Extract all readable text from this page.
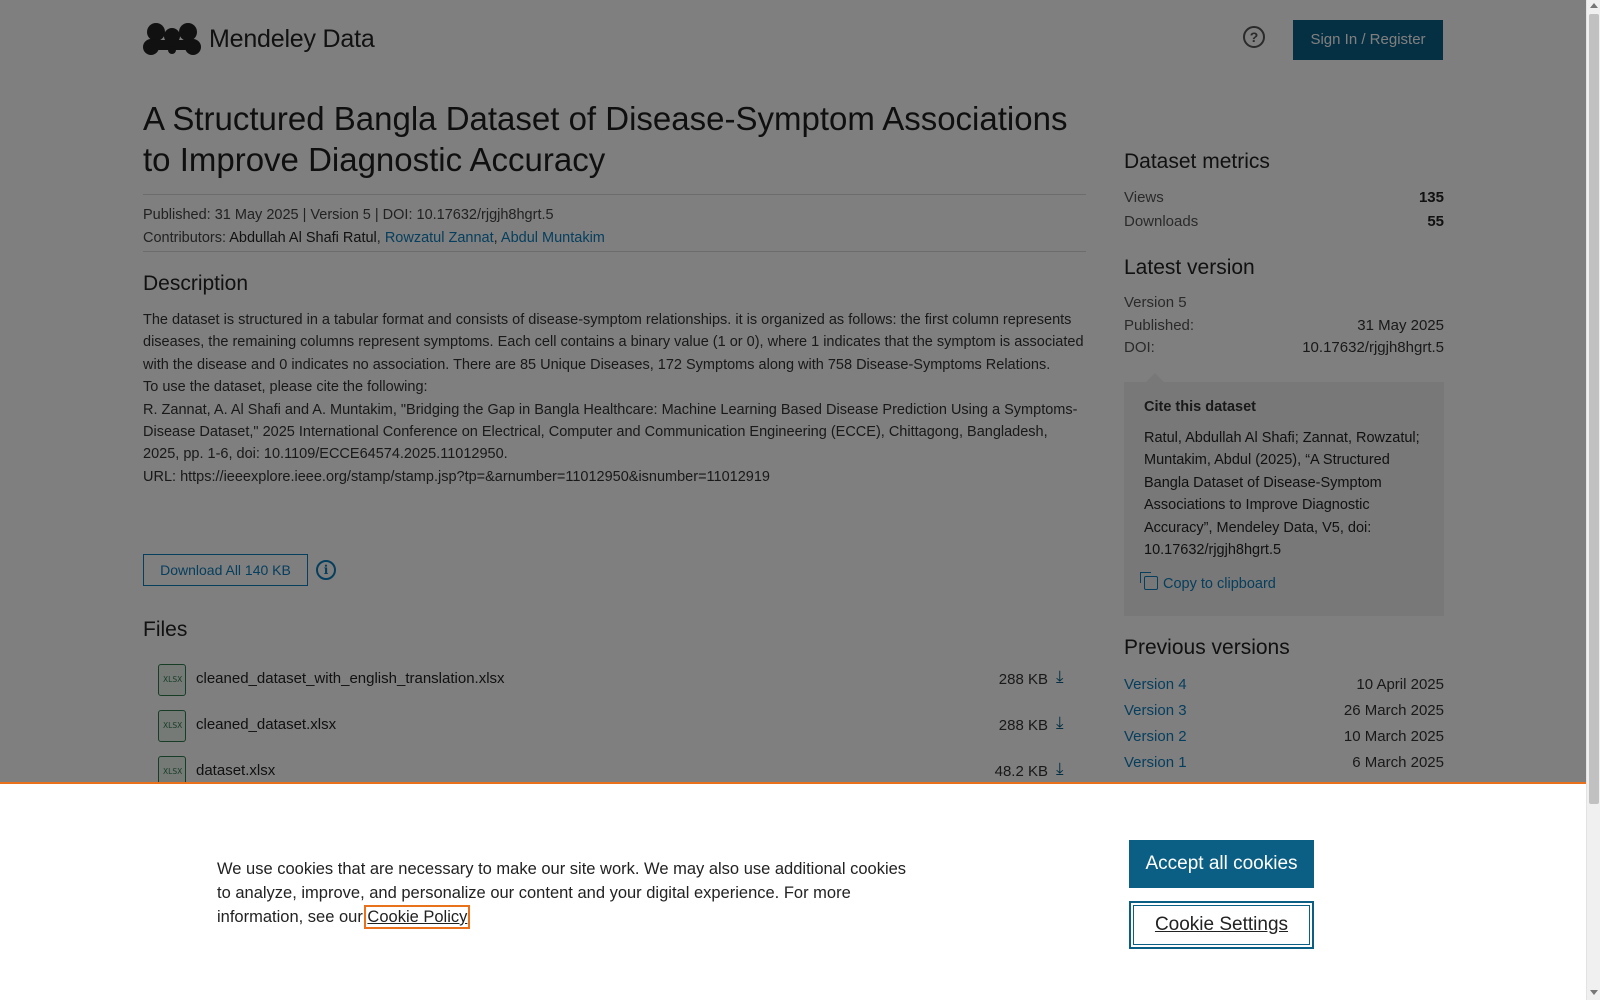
We use cookies that are necessary to make our site work. We may also use additional cookies to analyze, improve, and personalize our content and your digital experience. For more information, see our Cookie Policy
Accept all cookies
Cookie Settings
